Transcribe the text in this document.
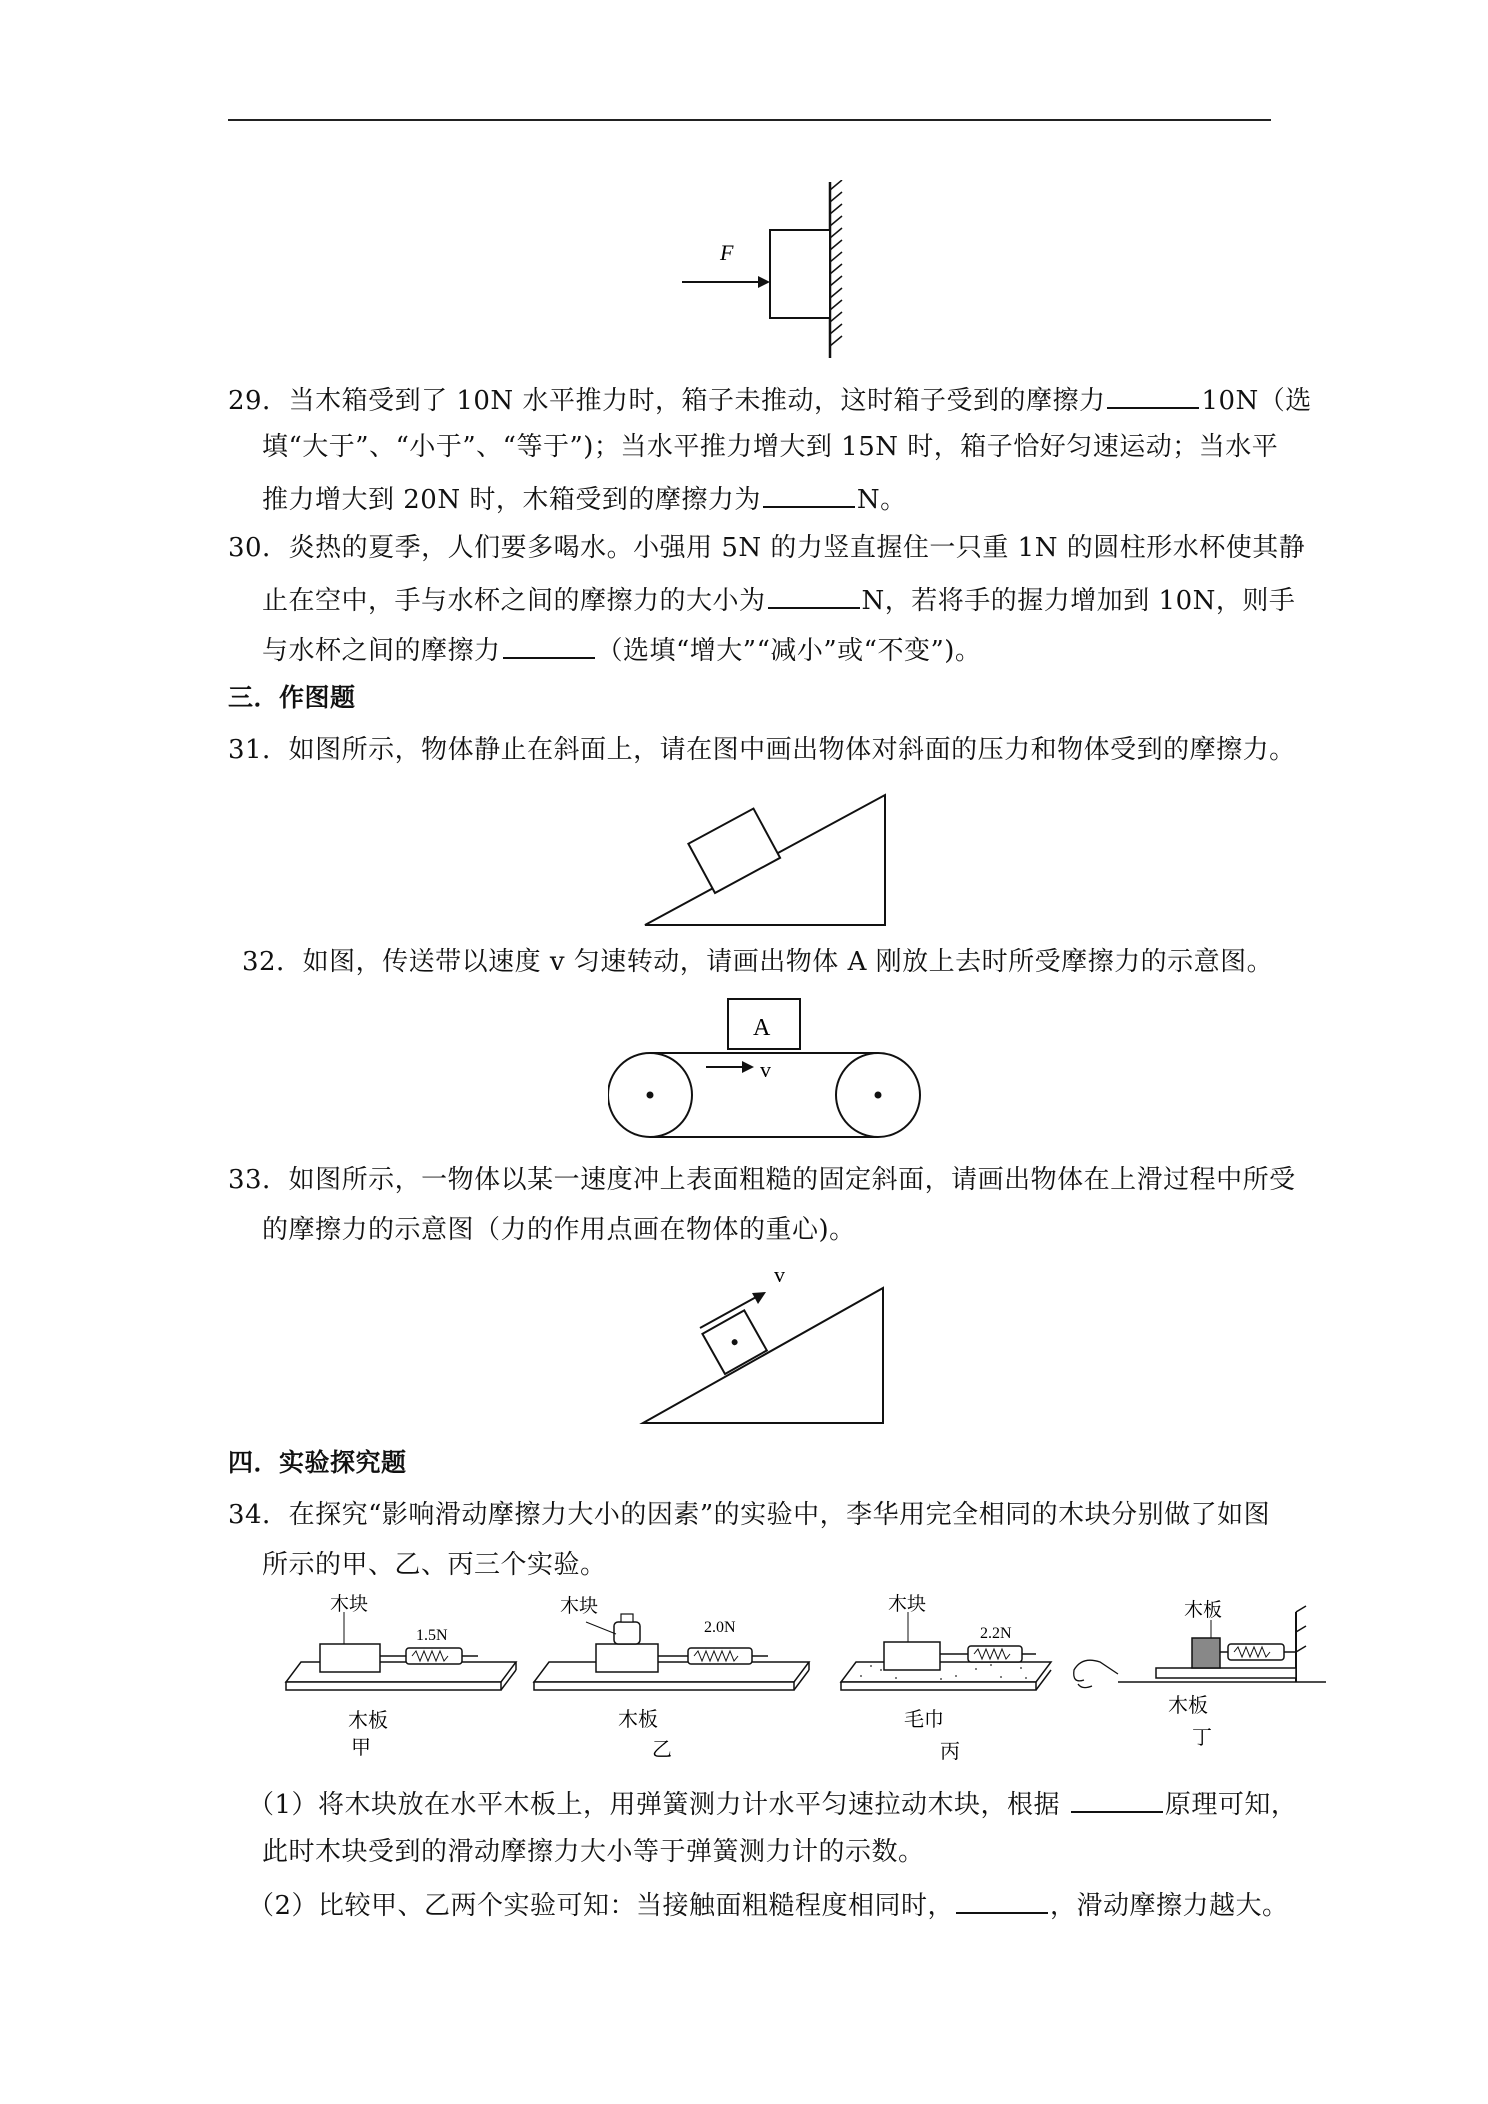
F
29．当木箱受到了 10N 水平推力时，箱子未推动，这时箱子受到的摩擦力	10N（选
填“大于”、“小于”、“等于”)；当水平推力增大到 15N 时，箱子恰好匀速运动；当水平
推力增大到 20N 时，木箱受到的摩擦力为	N。
30．炎热的夏季，人们要多喝水。小强用 5N 的力竖直握住一只重 1N 的圆柱形水杯使其静
止在空中，手与水杯之间的摩擦力的大小为	N，若将手的握力增加到 10N，则手
与水杯之间的摩擦力	（选填“增大”“减小”或“不变”)。
三．作图题
31．如图所示，物体静止在斜面上，请在图中画出物体对斜面的压力和物体受到的摩擦力。
32．如图，传送带以速度 v 匀速转动，请画出物体 A 刚放上去时所受摩擦力的示意图。
A
v
33．如图所示，一物体以某一速度冲上表面粗糙的固定斜面，请画出物体在上滑过程中所受
的摩擦力的示意图（力的作用点画在物体的重心)。
v
四．实验探究题
34．在探究“影响滑动摩擦力大小的因素”的实验中，李华用完全相同的木块分别做了如图
所示的甲、乙、丙三个实验。
木块
1.5N
木板
甲
木块
2.0N
木板
乙
木块
2.2N
毛巾
丙
木板
木板
丁
（1）将木块放在水平木板上，用弹簧测力计水平匀速拉动木块，根据	原理可知，
此时木块受到的滑动摩擦力大小等于弹簧测力计的示数。
（2）比较甲、乙两个实验可知：当接触面粗糙程度相同时，	，滑动摩擦力越大。
